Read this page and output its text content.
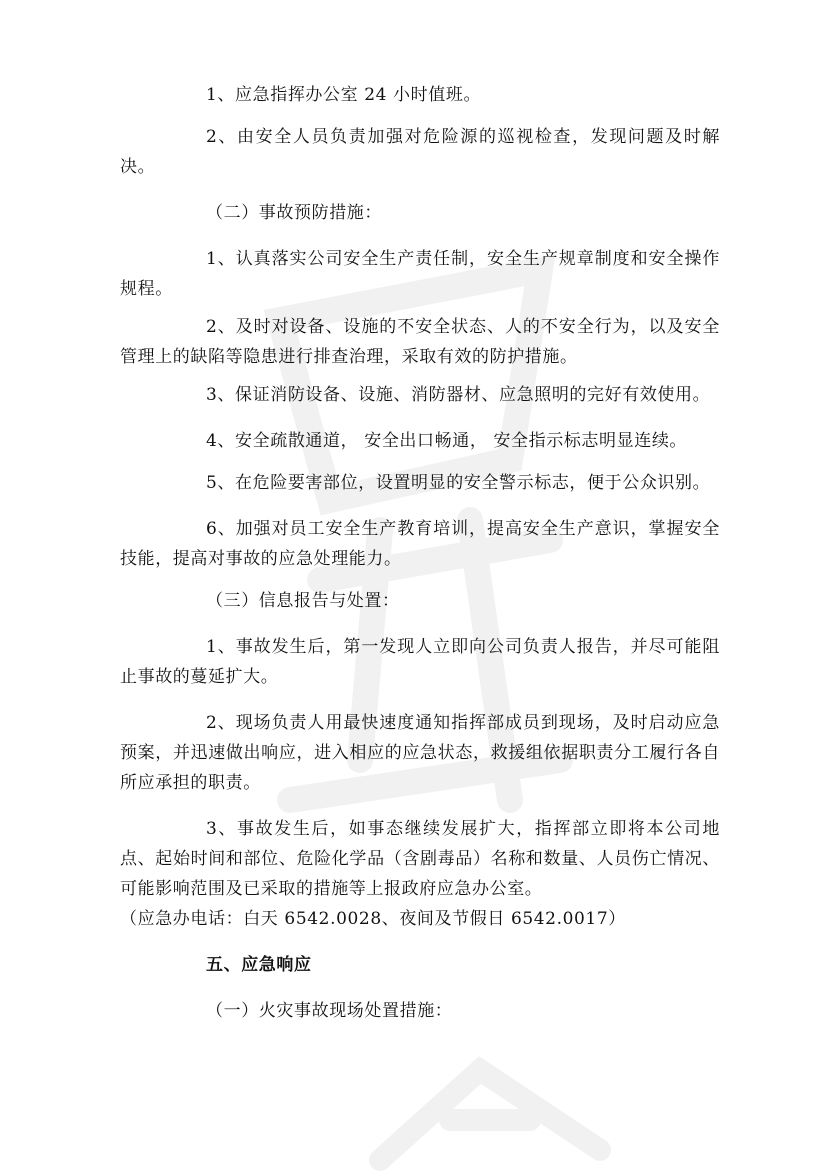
1、应急指挥办公室 24 小时值班。

2、由安全人员负责加强对危险源的巡视检查，发现问题及时解决。

（二）事故预防措施：

1、认真落实公司安全生产责任制，安全生产规章制度和安全操作规程。

2、及时对设备、设施的不安全状态、人的不安全行为，以及安全管理上的缺陷等隐患进行排查治理，采取有效的防护措施。

3、保证消防设备、设施、消防器材、应急照明的完好有效使用。

4、安全疏散通道， 安全出口畅通， 安全指示标志明显连续。

5、在危险要害部位，设置明显的安全警示标志，便于公众识别。

6、加强对员工安全生产教育培训，提高安全生产意识，掌握安全技能，提高对事故的应急处理能力。

（三）信息报告与处置：

1、事故发生后，第一发现人立即向公司负责人报告，并尽可能阻止事故的蔓延扩大。

2、现场负责人用最快速度通知指挥部成员到现场，及时启动应急预案，并迅速做出响应，进入相应的应急状态，救援组依据职责分工履行各自所应承担的职责。

3、事故发生后，如事态继续发展扩大，指挥部立即将本公司地点、起始时间和部位、危险化学品（含剧毒品）名称和数量、人员伤亡情况、可能影响范围及已采取的措施等上报政府应急办公室。

（应急办电话：白天 6542.0028、夜间及节假日 6542.0017）

五、应急响应

（一）火灾事故现场处置措施：
